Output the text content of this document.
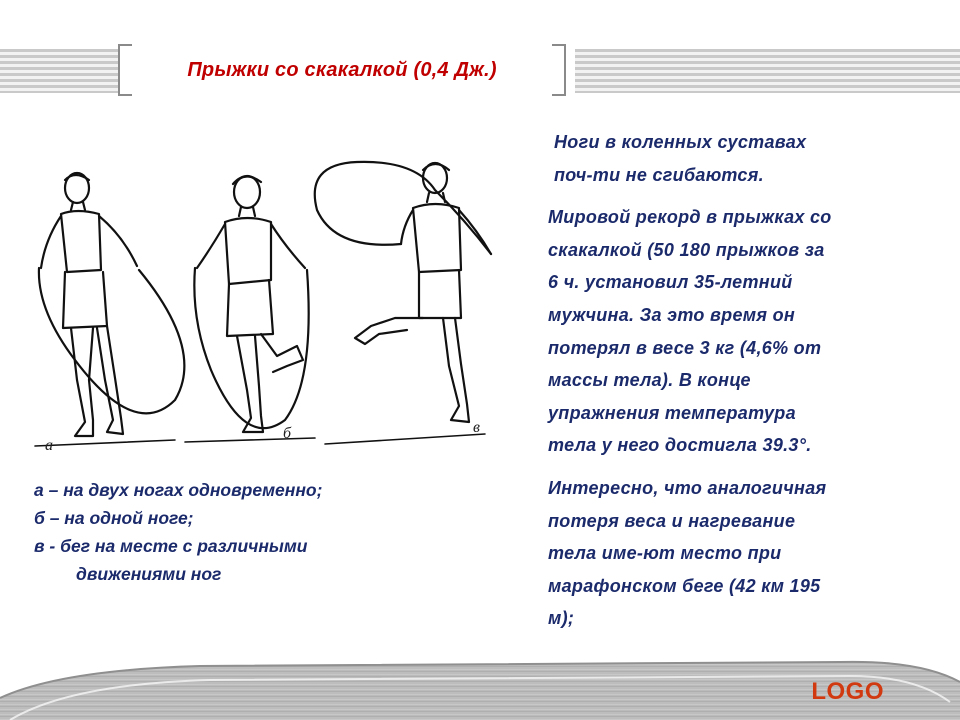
Прыжки со скакалкой (0,4 Дж.)
а
б	в
а – на двух ногах одновременно;
б – на одной ноге;
в - бег на месте с различными
движениями ног

Ноги в коленных суставах
поч-ти не сгибаются.

Мировой рекорд в прыжках со
скакалкой (50 180 прыжков за
6 ч. установил 35-летний
мужчина. За это время он
потерял в весе 3 кг (4,6% от
массы тела). В конце
упражнения температура
тела у него достигла 39.3°.

Интересно, что аналогичная
потеря веса и нагревание
тела име-ют место при
марафонском беге (42 км 195
м);

LOGO
